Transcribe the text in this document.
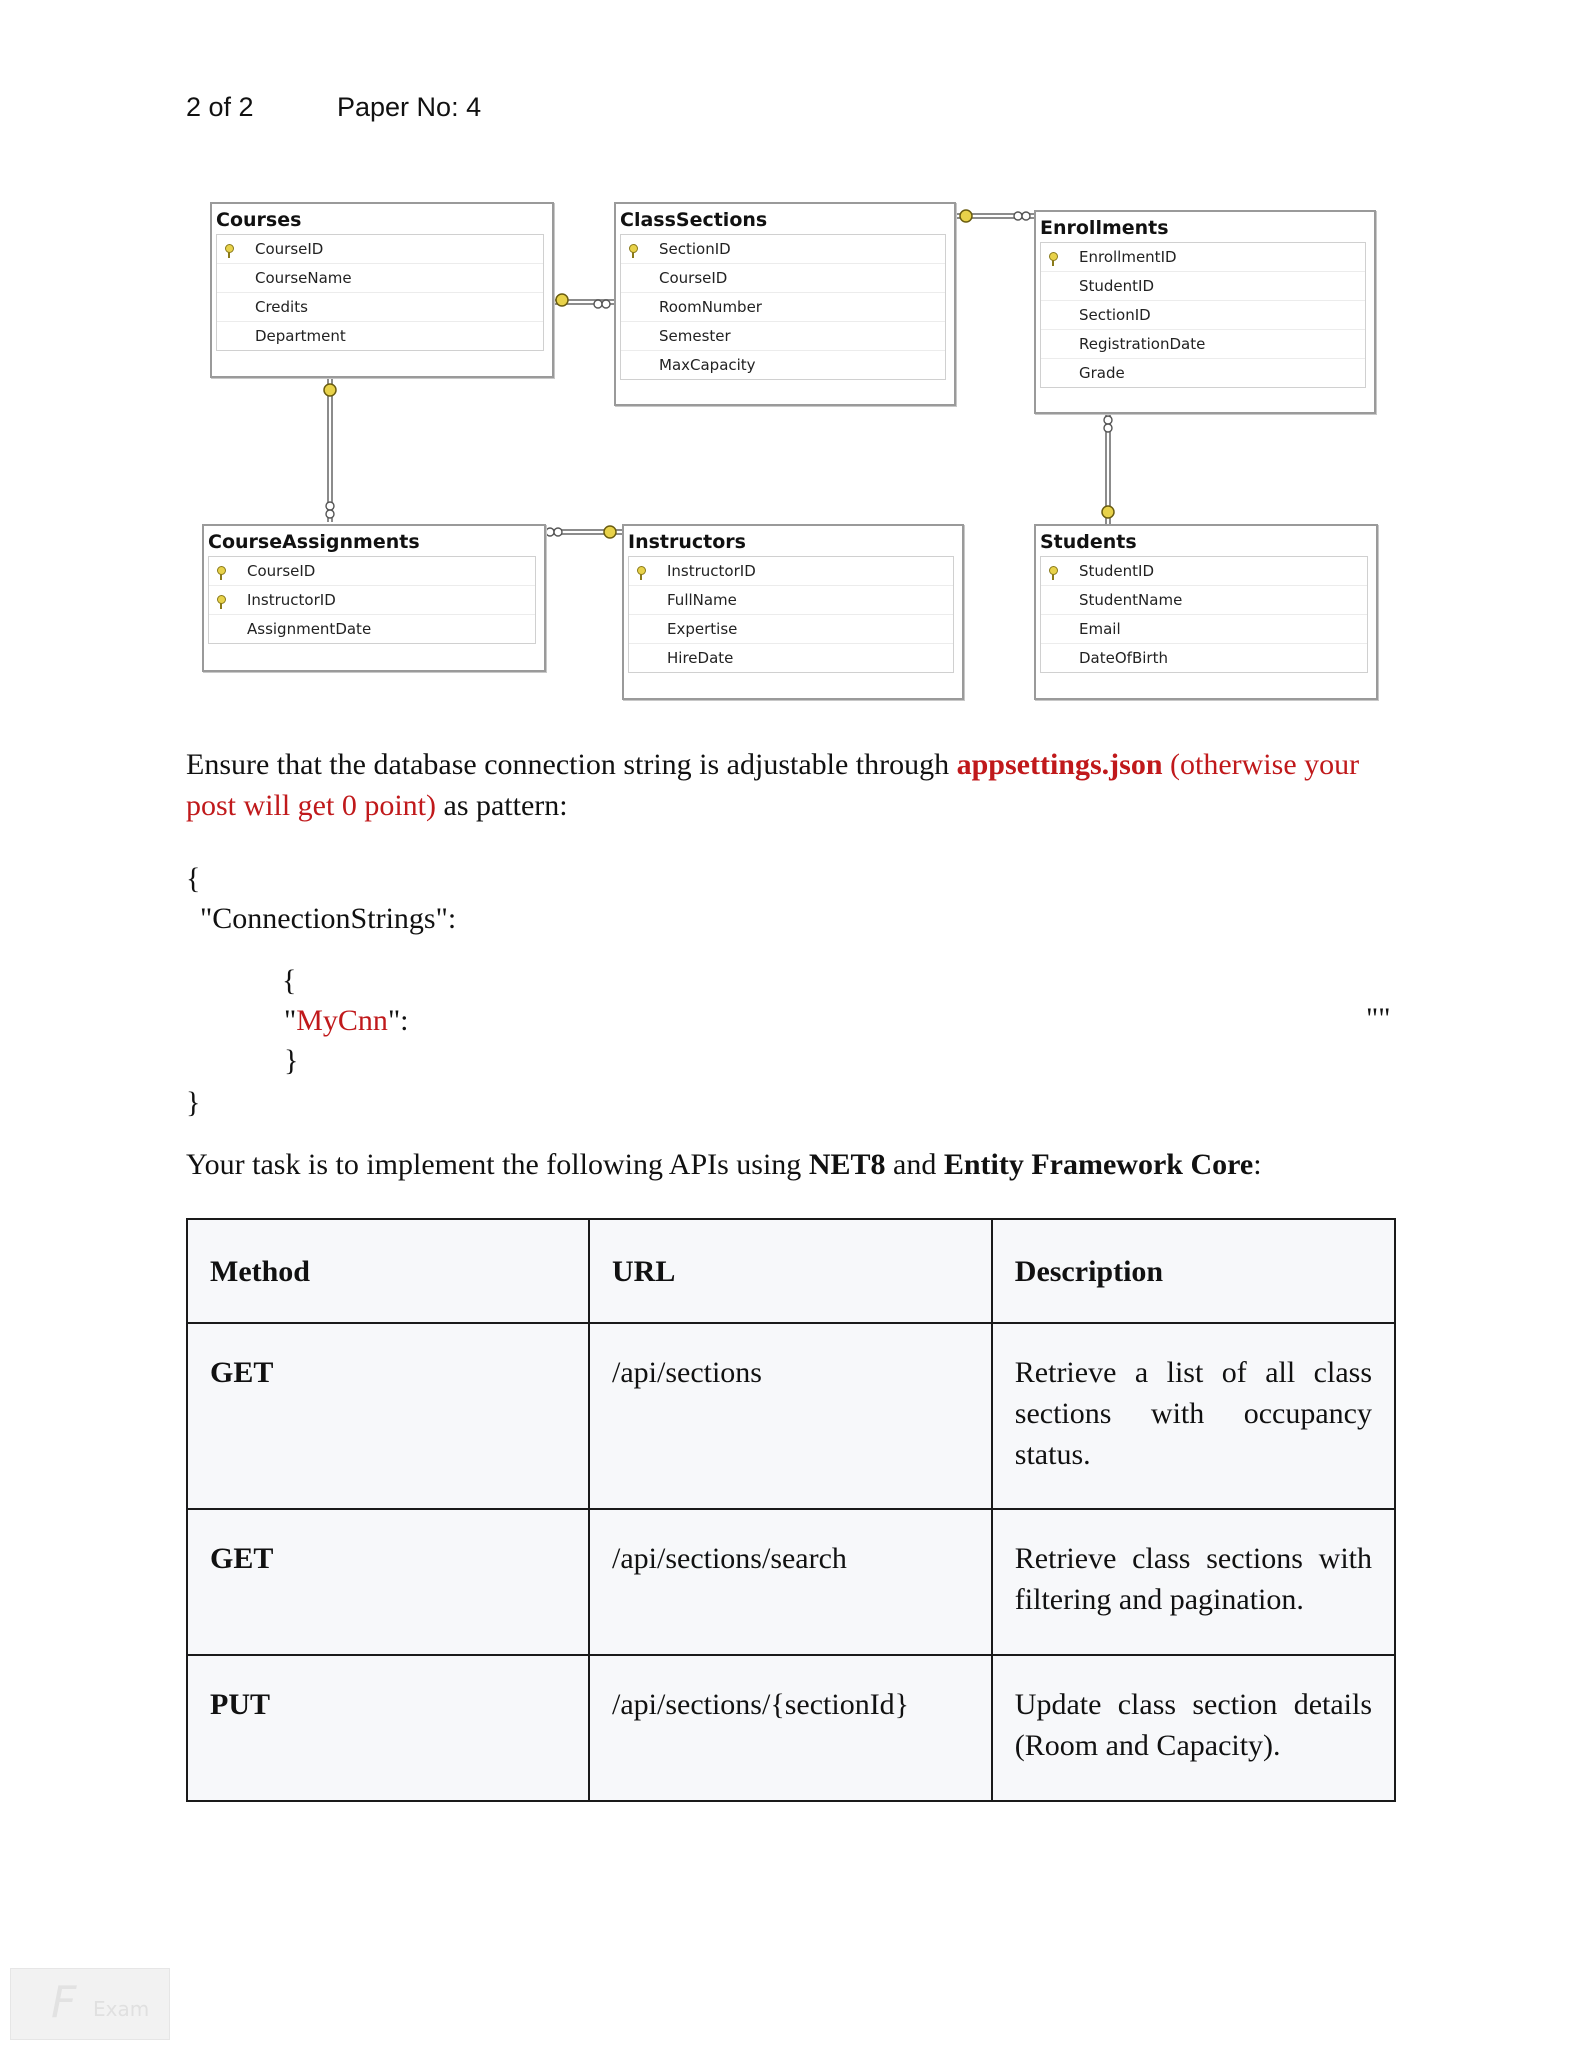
2 of 2	Paper No: 4
Courses
CourseID
CourseName
Credits
Department
ClassSections
SectionID
CourseID
RoomNumber
Semester
MaxCapacity
Enrollments
EnrollmentID
StudentID
SectionID
RegistrationDate
Grade
CourseAssignments
CourseID
InstructorID
AssignmentDate
Instructors
InstructorID
FullName
Expertise
HireDate
Students
StudentID
StudentName
Email
DateOfBirth
Ensure that the database connection string is adjustable through appsettings.json (otherwise your post will get 0 point) as pattern:
{
"ConnectionStrings":
{
"MyCnn":	""
}
}
Your task is to implement the following APIs using NET8 and Entity Framework Core:
Method	URL	Description
GET	/api/sections	Retrieve a list of all class sections with occupancy status.
GET	/api/sections/search	Retrieve class sections with filtering and pagination.
PUT	/api/sections/{sectionId}	Update class section details (Room and Capacity).
F Exam
